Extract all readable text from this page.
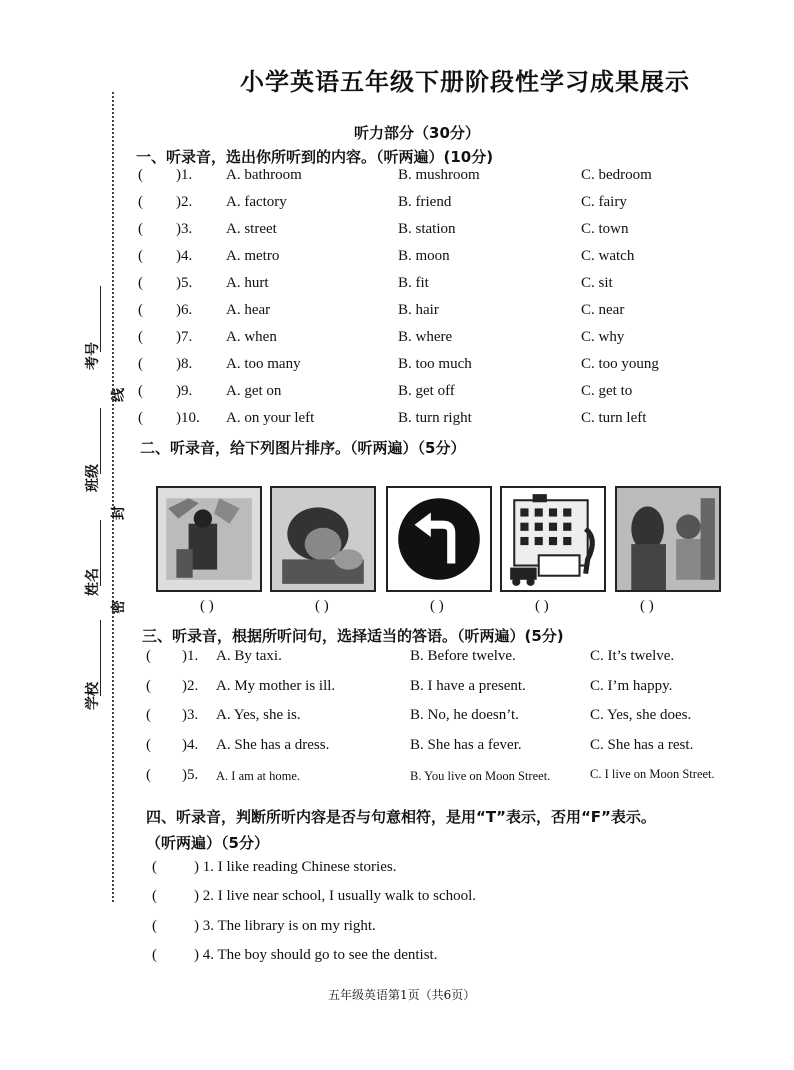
小学英语五年级下册阶段性学习成果展示
听力部分（30分）
考号
线
班级
封
姓名
密
学校
一、听录音，选出你所听到的内容。（听两遍）(10分)
( )1. A. bathroom	B. mushroom	C. bedroom
( )2. A. factory	B. friend	C. fairy
( )3. A. street	B. station	C. town
( )4. A. metro	B. moon	C. watch
( )5. A. hurt	B. fit	C. sit
( )6. A. hear	B. hair	C. near
( )7. A. when	B. where	C. why
( )8. A. too many	B. too much	C. too young
( )9. A. get on	B. get off	C. get to
( )10. A. on your left	B. turn right	C. turn left
二、听录音，给下列图片排序。（听两遍）（5分）
( )	( )	( )	( )	( )
三、听录音，根据所听问句，选择适当的答语。（听两遍）(5分)
( )1. A. By taxi.	B. Before twelve.	C. It’s twelve.
( )2. A. My mother is ill.	B. I have a present.	C. I’m happy.
( )3. A. Yes, she is.	B. No, he doesn’t.	C. Yes, she does.
( )4. A. She has a dress.	B. She has a fever.	C. She has a rest.
( )5. A. I am at home.	B. You live on Moon Street.	C. I live on Moon Street.
四、听录音，判断所听内容是否与句意相符，是用“T”表示，否用“F”表示。
（听两遍）（5分）
( ) 1. I like reading Chinese stories.
( ) 2. I live near school, I usually walk to school.
( ) 3. The library is on my right.
( ) 4. The boy should go to see the dentist.
五年级英语第1页（共6页）
